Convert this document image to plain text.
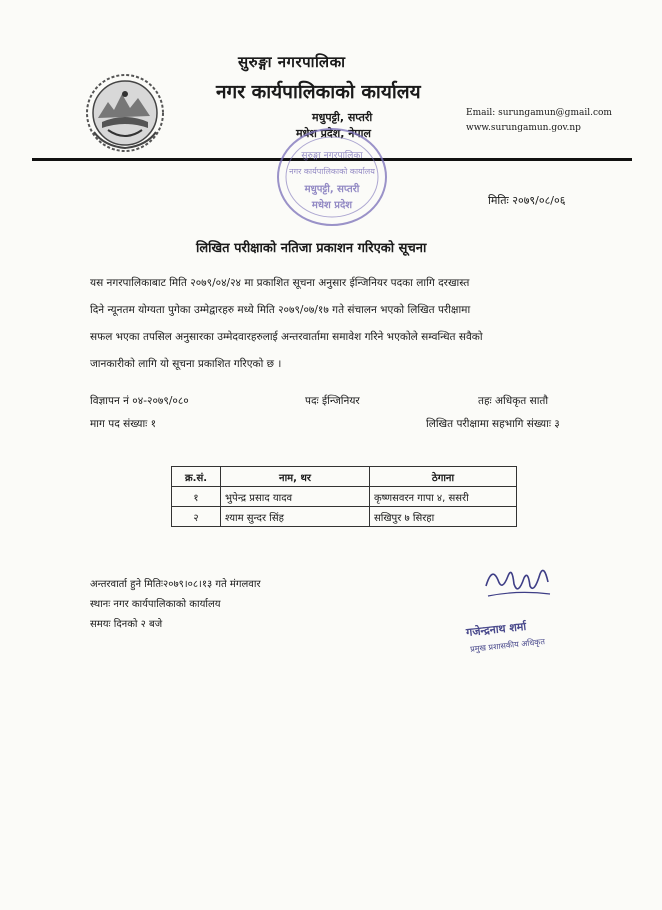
सुरुङ्गा नगरपालिका
नगर कार्यपालिकाको कार्यालय
मधुपट्टी, सप्तरी
मधेश प्रदेश, नेपाल
Email: surungamun@gmail.com
www.surungamun.gov.np
सुरुङ्गा नगरपालिका
नगर कार्यपालिकाको कार्यालय
मधुपट्टी, सप्तरी
मधेश प्रदेश	मितिः २०७९/०८/०६
लिखित परीक्षाको नतिजा प्रकाशन गरिएको सूचना
यस नगरपालिकाबाट मिति २०७९/०४/२४ मा प्रकाशित सूचना अनुसार ईन्जिनियर पदका लागि दरखास्त
दिने न्यूनतम योग्यता पुगेका उम्मेद्वारहरु मध्ये मिति २०७९/०७/१७ गते संचालन भएको लिखित परीक्षामा
सफल भएका तपसिल अनुसारका उम्मेदवारहरुलाई अन्तरवार्तामा समावेश गरिने भएकोले सम्वन्धित सवैको
जानकारीको लागि यो सूचना प्रकाशित गरिएको छ ।
विज्ञापन नं ०४-२०७९/०८०	पदः ईन्जिनियर	तहः अधिकृत सातौ
माग पद संख्याः १	लिखित परीक्षामा सहभागि संख्याः ३
क्र.सं.	नाम, थर	ठेगाना
१	भुपेन्द्र प्रसाद यादव	कृष्णसवरन गापा ४, ससरी
२	श्याम सुन्दर सिंह	सखिपुर ७ सिरहा
अन्तरवार्ता हुने मितिः२०७९।०८।१३ गते मंगलवार
स्थानः नगर कार्यपालिकाको कार्यालय
समयः दिनको २ बजे	गजेन्द्रनाथ शर्मा
प्रमुख प्रशासकीय अधिकृत
